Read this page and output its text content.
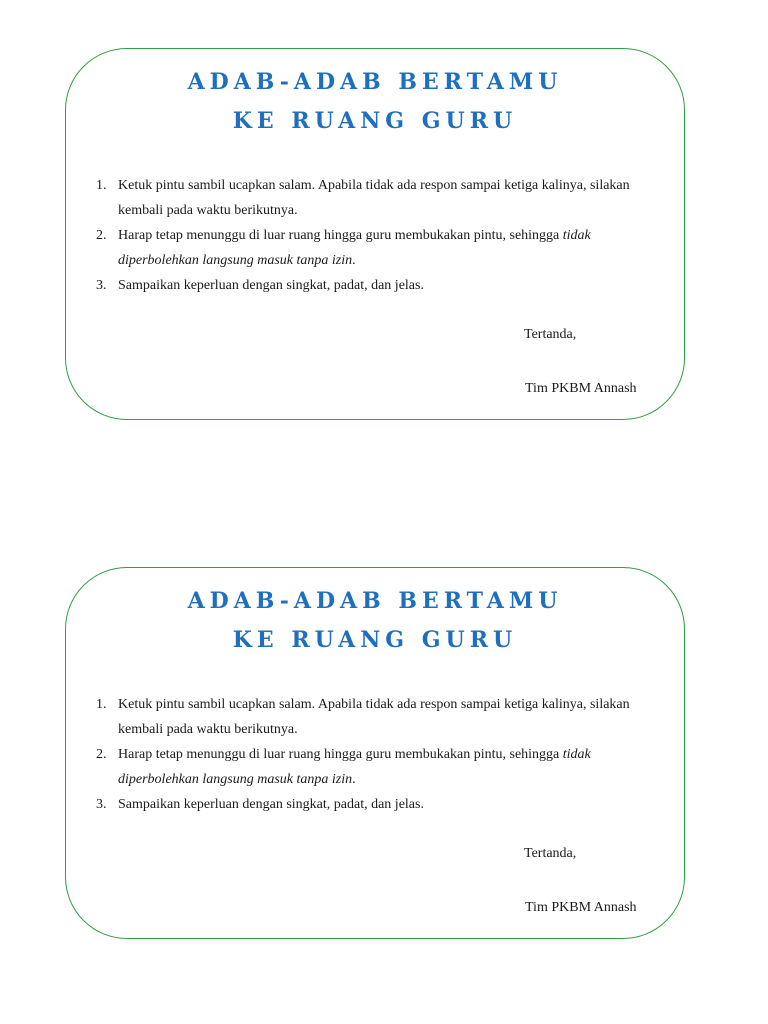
ADAB-ADAB BERTAMU
KE RUANG GURU
1. Ketuk pintu sambil ucapkan salam. Apabila tidak ada respon sampai ketiga kalinya, silakan kembali pada waktu berikutnya.
2. Harap tetap menunggu di luar ruang hingga guru membukakan pintu, sehingga tidak diperbolehkan langsung masuk tanpa izin.
3. Sampaikan keperluan dengan singkat, padat, dan jelas.
Tertanda,
Tim PKBM Annash
ADAB-ADAB BERTAMU
KE RUANG GURU
1. Ketuk pintu sambil ucapkan salam. Apabila tidak ada respon sampai ketiga kalinya, silakan kembali pada waktu berikutnya.
2. Harap tetap menunggu di luar ruang hingga guru membukakan pintu, sehingga tidak diperbolehkan langsung masuk tanpa izin.
3. Sampaikan keperluan dengan singkat, padat, dan jelas.
Tertanda,
Tim PKBM Annash
